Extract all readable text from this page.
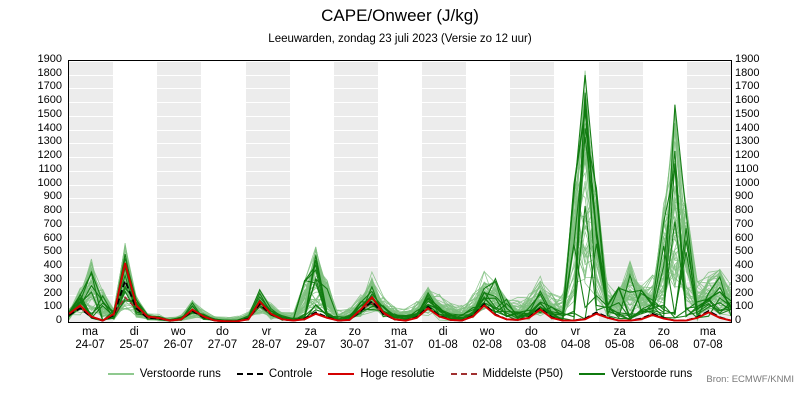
CAPE/Onweer (J/kg)
Leeuwarden, zondag 23 juli 2023 (Versie zo 12 uur)
Verstoorde runs	Controle	Hoge resolutie	Middelste (P50)	Verstoorde runs Bron: ECMWF/KNMI
0
100
200
300
400
500
600
700
800
900
1000
1100
1200
1300
1400
1500
1600
1700
1800
1900
0
100
200
300
400
500
600
700
800
900
1000
1100
1200
1300
1400
1500
1600
1700
1800
1900
ma
24-07
di
25-07
wo
26-07
do
27-07
vr
28-07
za
29-07
zo
30-07
ma
31-07
di
01-08
wo
02-08
do
03-08
vr
04-08
za
05-08
zo
06-08
ma
07-08
